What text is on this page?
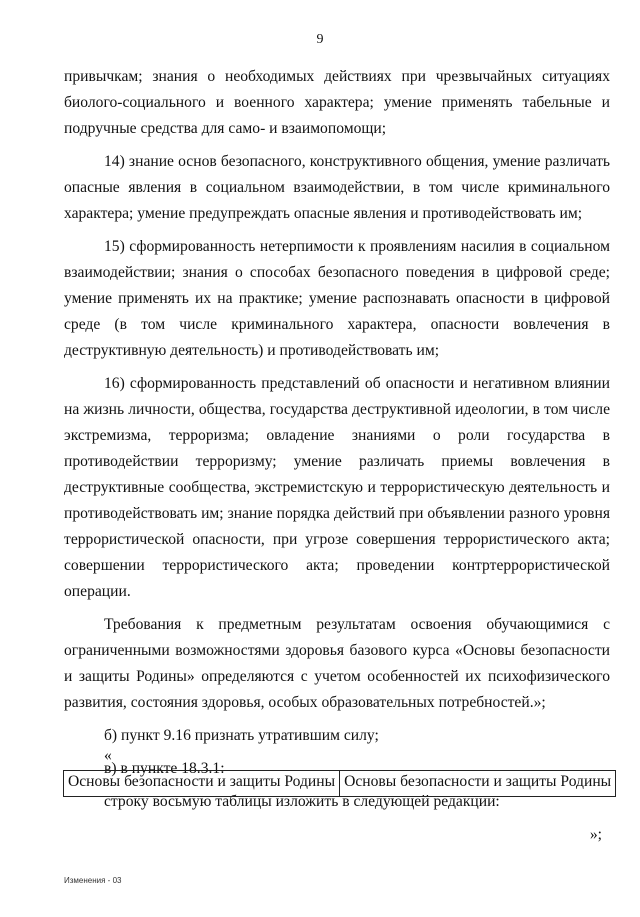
9

привычкам; знания о необходимых действиях при чрезвычайных ситуациях биолого-социального и военного характера; умение применять табельные и подручные средства для само- и взаимопомощи;

14) знание основ безопасного, конструктивного общения, умение различать опасные явления в социальном взаимодействии, в том числе криминального характера; умение предупреждать опасные явления и противодействовать им;

15) сформированность нетерпимости к проявлениям насилия в социальном взаимодействии; знания о способах безопасного поведения в цифровой среде; умение применять их на практике; умение распознавать опасности в цифровой среде (в том числе криминального характера, опасности вовлечения в деструктивную деятельность) и противодействовать им;

16) сформированность представлений об опасности и негативном влиянии на жизнь личности, общества, государства деструктивной идеологии, в том числе экстремизма, терроризма; овладение знаниями о роли государства в противодействии терроризму; умение различать приемы вовлечения в деструктивные сообщества, экстремистскую и террористическую деятельность и противодействовать им; знание порядка действий при объявлении разного уровня террористической опасности, при угрозе совершения террористического акта; совершении террористического акта; проведении контртеррористической операции.

Требования к предметным результатам освоения обучающимися с ограниченными возможностями здоровья базового курса «Основы безопасности и защиты Родины» определяются с учетом особенностей их психофизического развития, состояния здоровья, особых образовательных потребностей.»;

б) пункт 9.16 признать утратившим силу;

в) в пункте 18.3.1:

строку восьмую таблицы изложить в следующей редакции:

«
Основы безопасности и защиты Родины	Основы безопасности и защиты Родины
»;
Изменения - 03
